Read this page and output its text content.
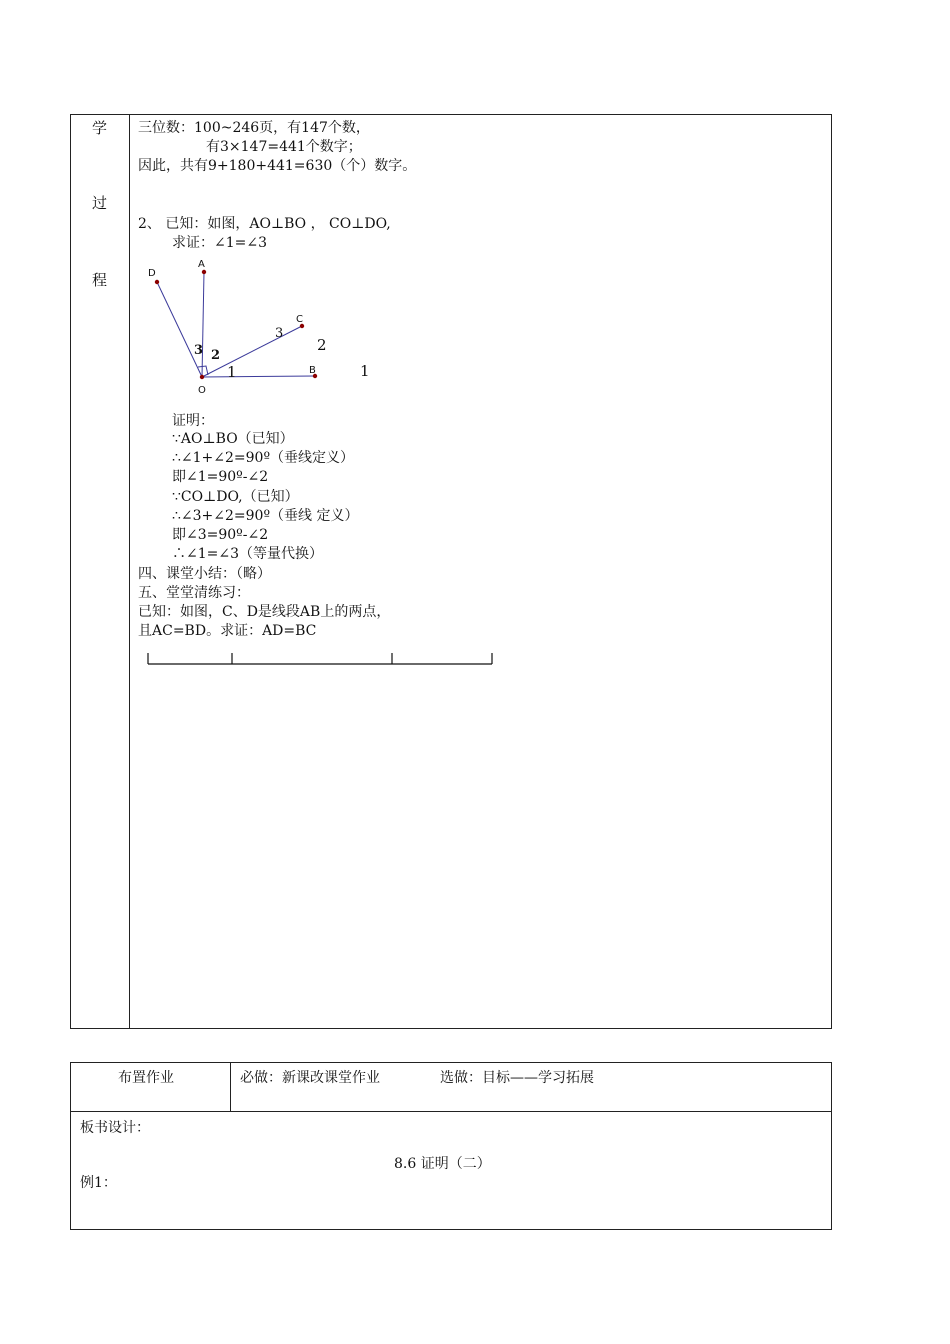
学
过
程
三位数：100~246页，有147个数，
有3×147=441个数字；
因此，共有9+180+441=630（个）数字。
2、 已知：如图，AO⊥BO ， CO⊥DO,
求证：∠1=∠3
D
A
C
B
O
3 2
1
3
2
1
证明：
∵AO⊥BO（已知）
∴∠1+∠2=90º（垂线定义）
即∠1=90º-∠2
∵CO⊥DO,（已知）
∴∠3+∠2=90º（垂线 定义）
即∠3=90º-∠2
∴∠1=∠3（等量代换）
四、课堂小结：（略）
五、堂堂清练习：
已知：如图，C、D是线段AB上的两点，
且AC=BD。求证：AD=BC
布置作业	必做：新课改课堂作业	选做：目标——学习拓展
板书设计：
8.6 证明（二）
例1：
